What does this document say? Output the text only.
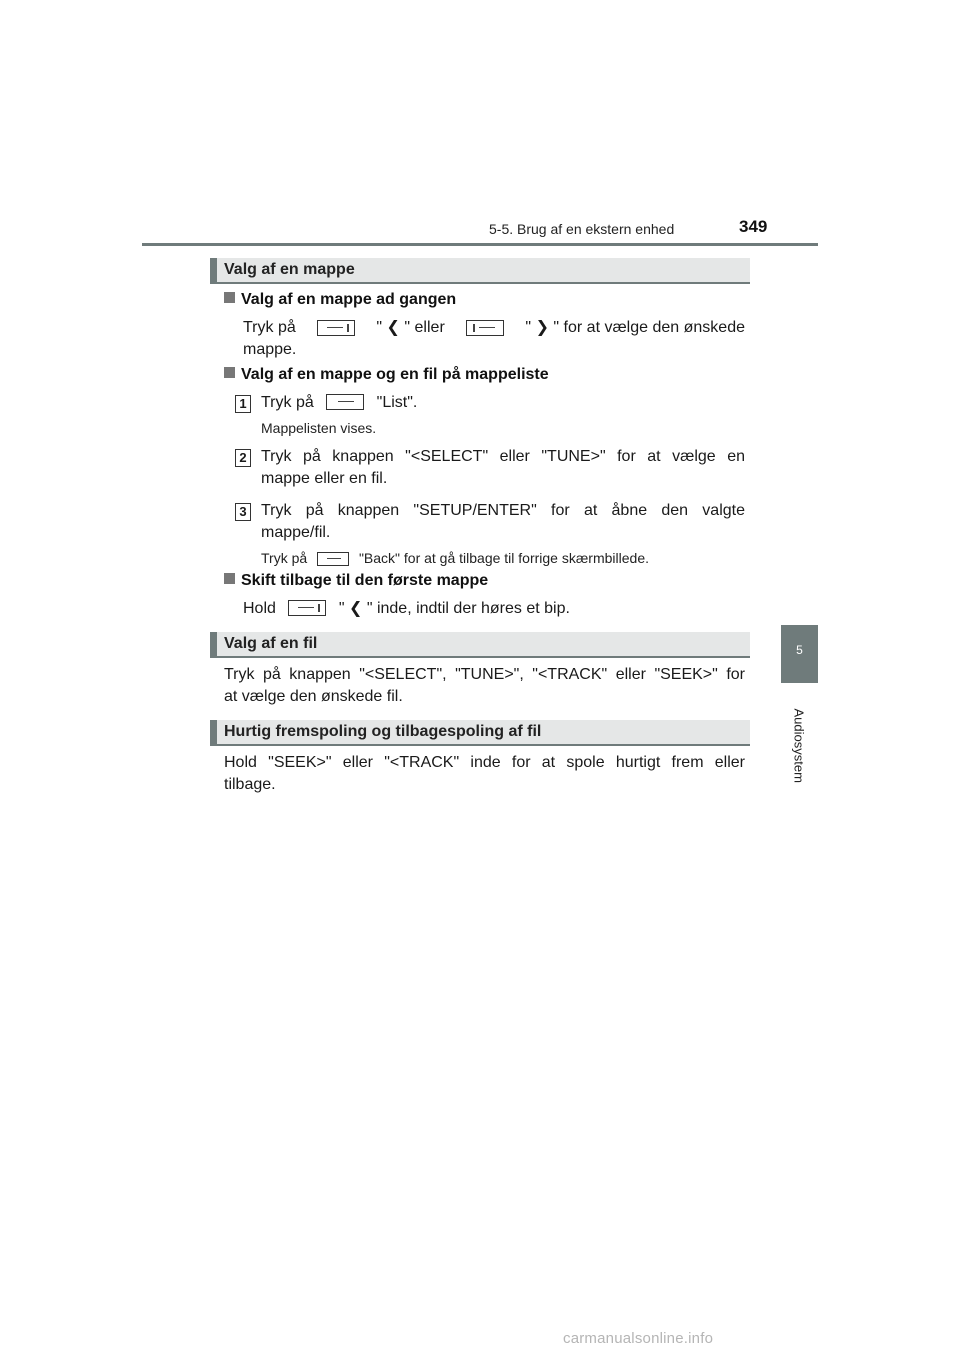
5-5. Brug af en ekstern enhed	349
5
Audiosystem
Valg af en mappe
Valg af en mappe ad gangen
Tryk på	" ❮ " eller	" ❯ " for at vælge den ønskede
mappe.
Valg af en mappe og en fil på mappeliste
1 Tryk på	"List".
Mappelisten vises.
2 Tryk på knappen "<SELECT" eller "TUNE>" for at vælge en
mappe eller en fil.
3 Tryk på knappen "SETUP/ENTER" for at åbne den valgte
mappe/fil.
Tryk på	"Back" for at gå tilbage til forrige skærmbillede.
Skift tilbage til den første mappe
Hold	" ❮ " inde, indtil der høres et bip.
Valg af en fil
Tryk på knappen "<SELECT", "TUNE>", "<TRACK" eller "SEEK>" for
at vælge den ønskede fil.
Hurtig fremspoling og tilbagespoling af fil
Hold "SEEK>" eller "<TRACK" inde for at spole hurtigt frem eller
tilbage.
carmanualsonline.info
